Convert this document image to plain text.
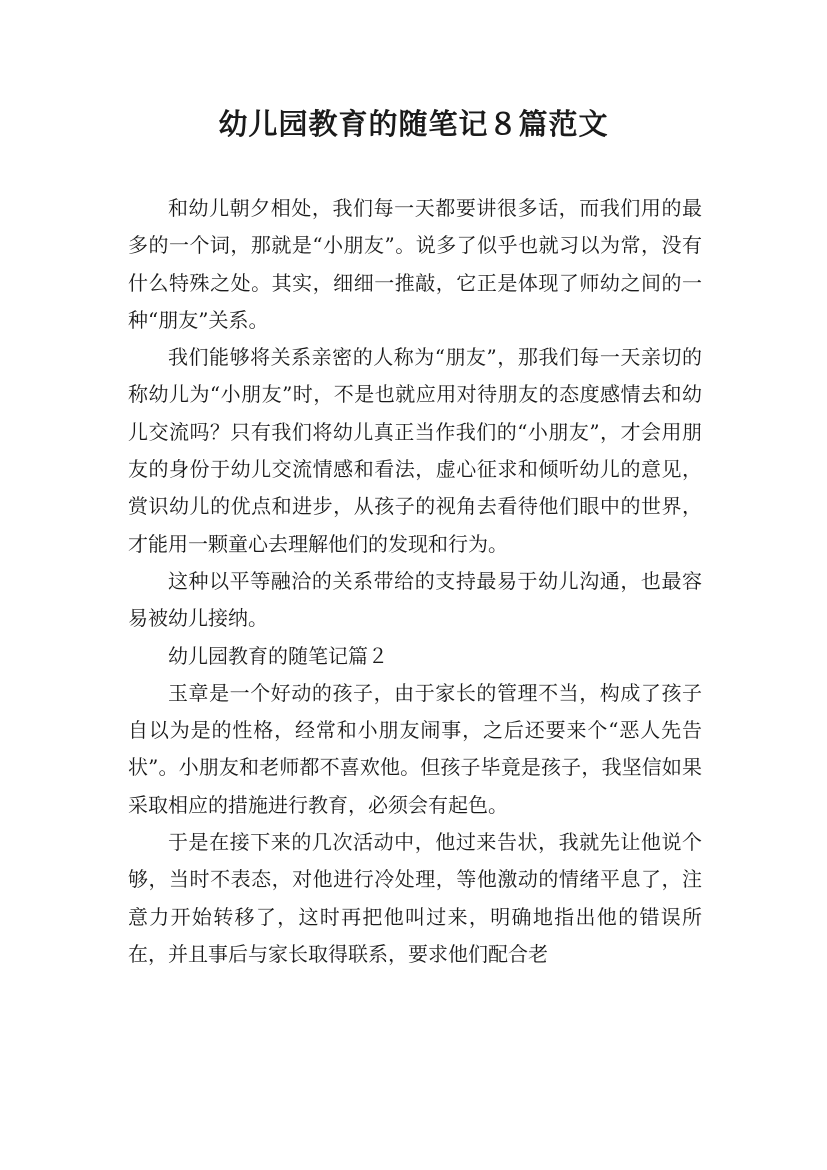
幼儿园教育的随笔记８篇范文

和幼儿朝夕相处，我们每一天都要讲很多话，而我们用的最多的一个词，那就是“小朋友”。说多了似乎也就习以为常，没有什么特殊之处。其实，细细一推敲，它正是体现了师幼之间的一种“朋友”关系。

我们能够将关系亲密的人称为“朋友”，那我们每一天亲切的称幼儿为“小朋友”时，不是也就应用对待朋友的态度感情去和幼儿交流吗？只有我们将幼儿真正当作我们的“小朋友”，才会用朋友的身份于幼儿交流情感和看法，虚心征求和倾听幼儿的意见，赏识幼儿的优点和进步，从孩子的视角去看待他们眼中的世界，才能用一颗童心去理解他们的发现和行为。

这种以平等融洽的关系带给的支持最易于幼儿沟通，也最容易被幼儿接纳。

幼儿园教育的随笔记篇２

玉章是一个好动的孩子，由于家长的管理不当，构成了孩子自以为是的性格，经常和小朋友闹事，之后还要来个“恶人先告状”。小朋友和老师都不喜欢他。但孩子毕竟是孩子，我坚信如果采取相应的措施进行教育，必须会有起色。

于是在接下来的几次活动中，他过来告状，我就先让他说个够，当时不表态，对他进行冷处理，等他激动的情绪平息了，注意力开始转移了，这时再把他叫过来，明确地指出他的错误所在，并且事后与家长取得联系，要求他们配合老
